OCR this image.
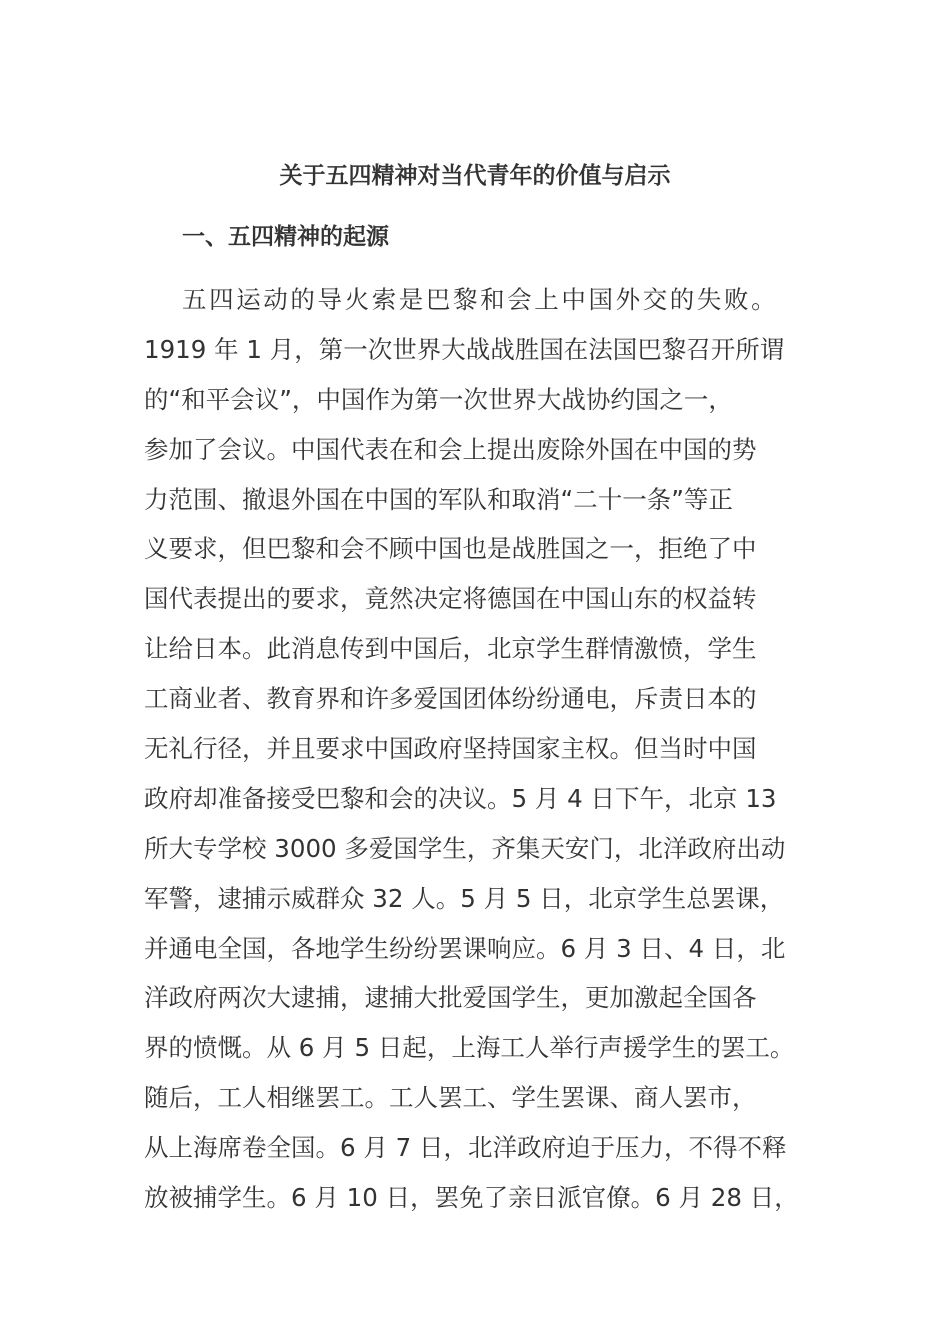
关于五四精神对当代青年的价值与启示
一、五四精神的起源
五四运动的导火索是巴黎和会上中国外交的失败。
1919 年 1 月，第一次世界大战战胜国在法国巴黎召开所谓
的“和平会议”，中国作为第一次世界大战协约国之一，
参加了会议。中国代表在和会上提出废除外国在中国的势
力范围、撤退外国在中国的军队和取消“二十一条”等正
义要求，但巴黎和会不顾中国也是战胜国之一，拒绝了中
国代表提出的要求，竟然决定将德国在中国山东的权益转
让给日本。此消息传到中国后，北京学生群情激愤，学生
工商业者、教育界和许多爱国团体纷纷通电，斥责日本的
无礼行径，并且要求中国政府坚持国家主权。但当时中国
政府却准备接受巴黎和会的决议。5 月 4 日下午，北京 13
所大专学校 3000 多爱国学生，齐集天安门，北洋政府出动
军警，逮捕示威群众 32 人。5 月 5 日，北京学生总罢课，
并通电全国，各地学生纷纷罢课响应。6 月 3 日、4 日，北
洋政府两次大逮捕，逮捕大批爱国学生，更加激起全国各
界的愤慨。从 6 月 5 日起，上海工人举行声援学生的罢工。
随后，工人相继罢工。工人罢工、学生罢课、商人罢市，
从上海席卷全国。6 月 7 日，北洋政府迫于压力，不得不释
放被捕学生。6 月 10 日，罢免了亲日派官僚。6 月 28 日，
